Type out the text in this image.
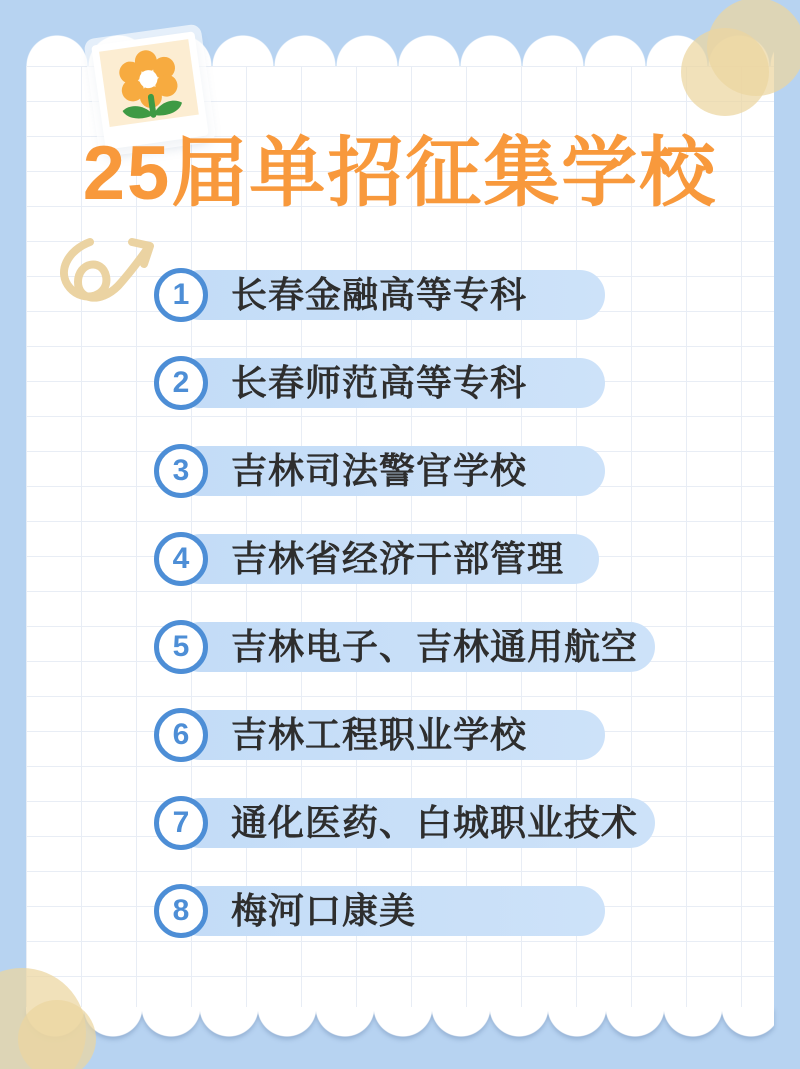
25届单招征集学校
1	长春金融高等专科
2	长春师范高等专科
3	吉林司法警官学校
4	吉林省经济干部管理
5	吉林电子、吉林通用航空
6	吉林工程职业学校
7	通化医药、白城职业技术
8	梅河口康美
